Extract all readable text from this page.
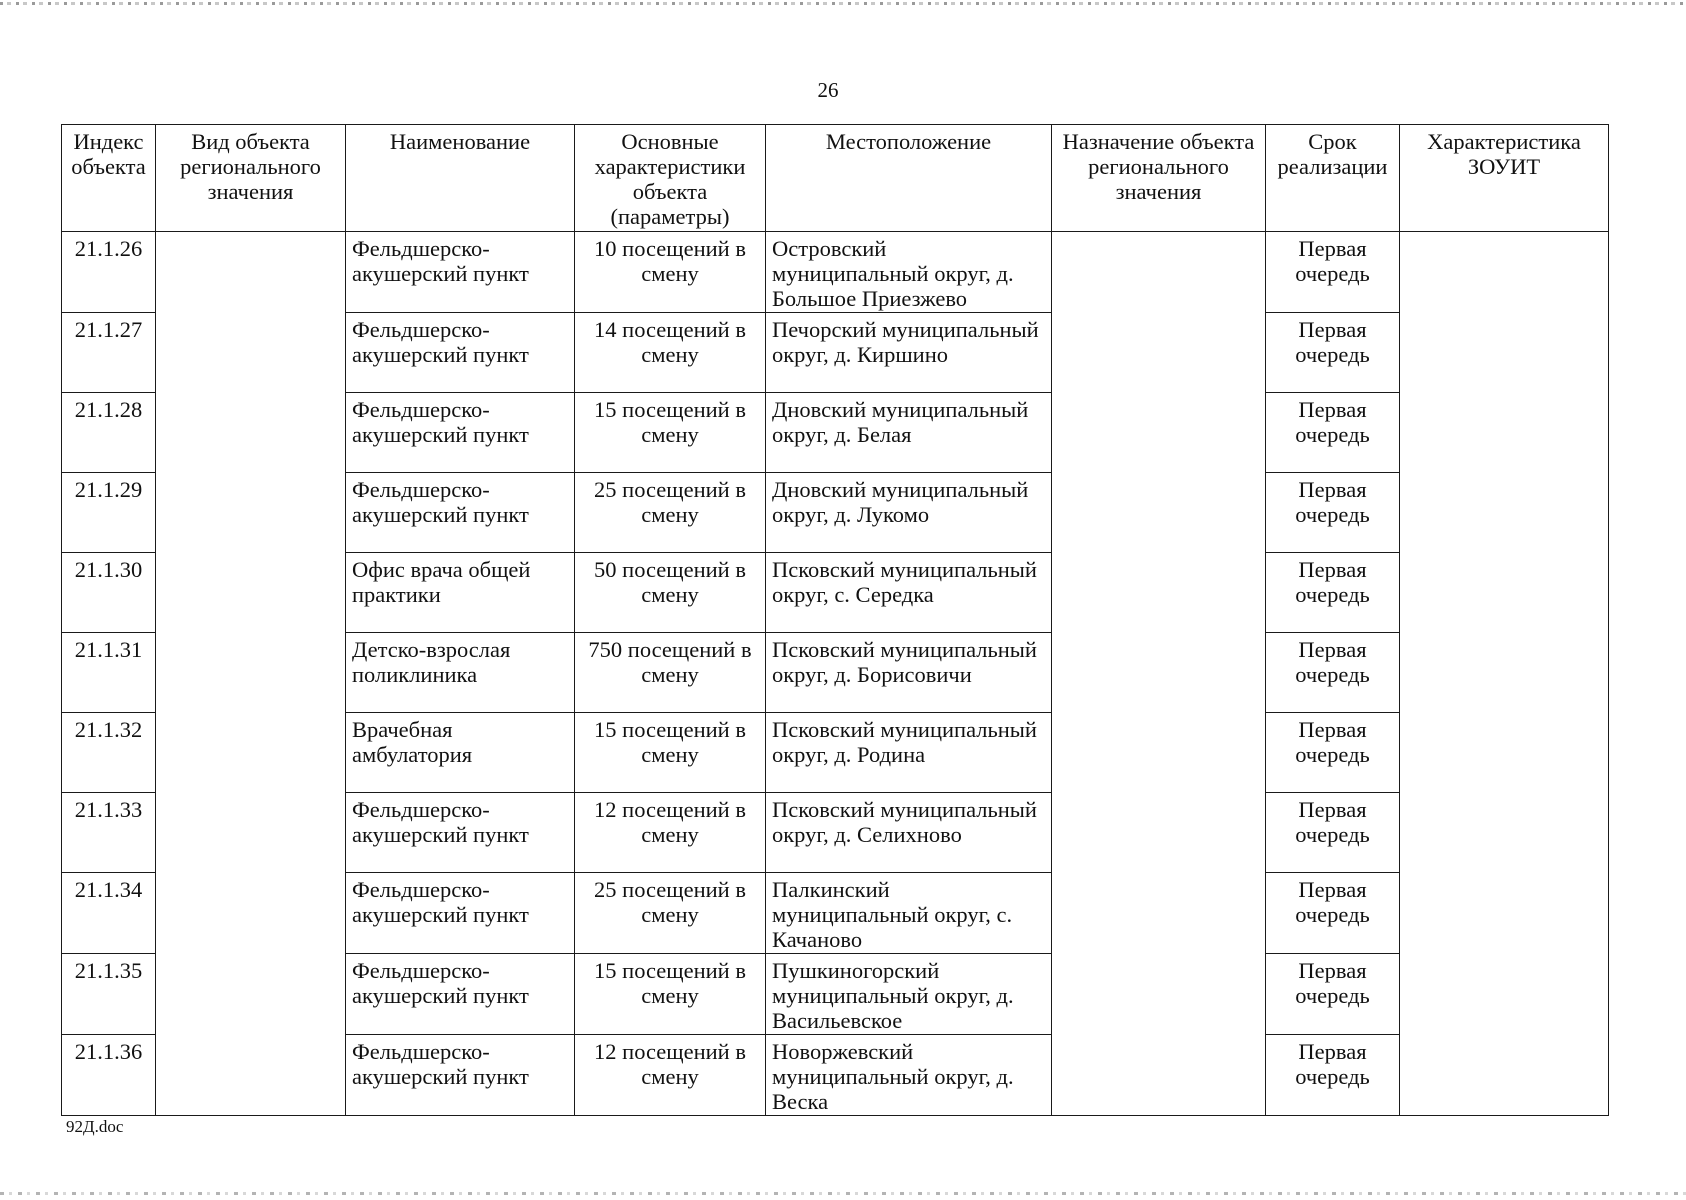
26
Индекс объекта	Вид объекта регионального значения	Наименование	Основные характеристики объекта (параметры)	Местоположение	Назначение объекта регионального значения	Срок реализации	Характеристика ЗОУИТ
21.1.26		Фельдшерско-акушерский пункт	10 посещений в смену	Островский муниципальный округ, д. Большое Приезжево		Первая очередь	
21.1.27		Фельдшерско-акушерский пункт	14 посещений в смену	Печорский муниципальный округ, д. Киршино		Первая очередь	
21.1.28		Фельдшерско-акушерский пункт	15 посещений в смену	Дновский муниципальный округ, д. Белая		Первая очередь	
21.1.29		Фельдшерско-акушерский пункт	25 посещений в смену	Дновский муниципальный округ, д. Лукомо		Первая очередь	
21.1.30		Офис врача общей практики	50 посещений в смену	Псковский муниципальный округ, с. Середка		Первая очередь	
21.1.31		Детско-взрослая поликлиника	750 посещений в смену	Псковский муниципальный округ, д. Борисовичи		Первая очередь	
21.1.32		Врачебная амбулатория	15 посещений в смену	Псковский муниципальный округ, д. Родина		Первая очередь	
21.1.33		Фельдшерско-акушерский пункт	12 посещений в смену	Псковский муниципальный округ, д. Селихново		Первая очередь	
21.1.34		Фельдшерско-акушерский пункт	25 посещений в смену	Палкинский муниципальный округ, с. Качаново		Первая очередь	
21.1.35		Фельдшерско-акушерский пункт	15 посещений в смену	Пушкиногорский муниципальный округ, д. Васильевское		Первая очередь	
21.1.36		Фельдшерско-акушерский пункт	12 посещений в смену	Новоржевский муниципальный округ, д. Веска		Первая очередь	
92Д.doc
